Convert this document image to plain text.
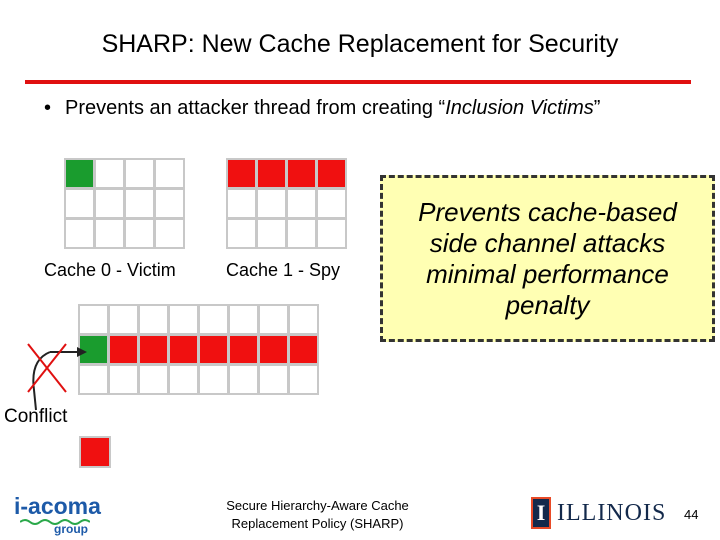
SHARP: New Cache Replacement for Security
• Prevents an attacker thread from creating “Inclusion Victims”
Cache 0 - Victim	Cache 1 - Spy
Prevents cache-based side channel attacks minimal performance penalty
Conflict
i-acoma
group
Secure Hierarchy-Aware Cache
Replacement Policy (SHARP)	I ILLINOIS 44
